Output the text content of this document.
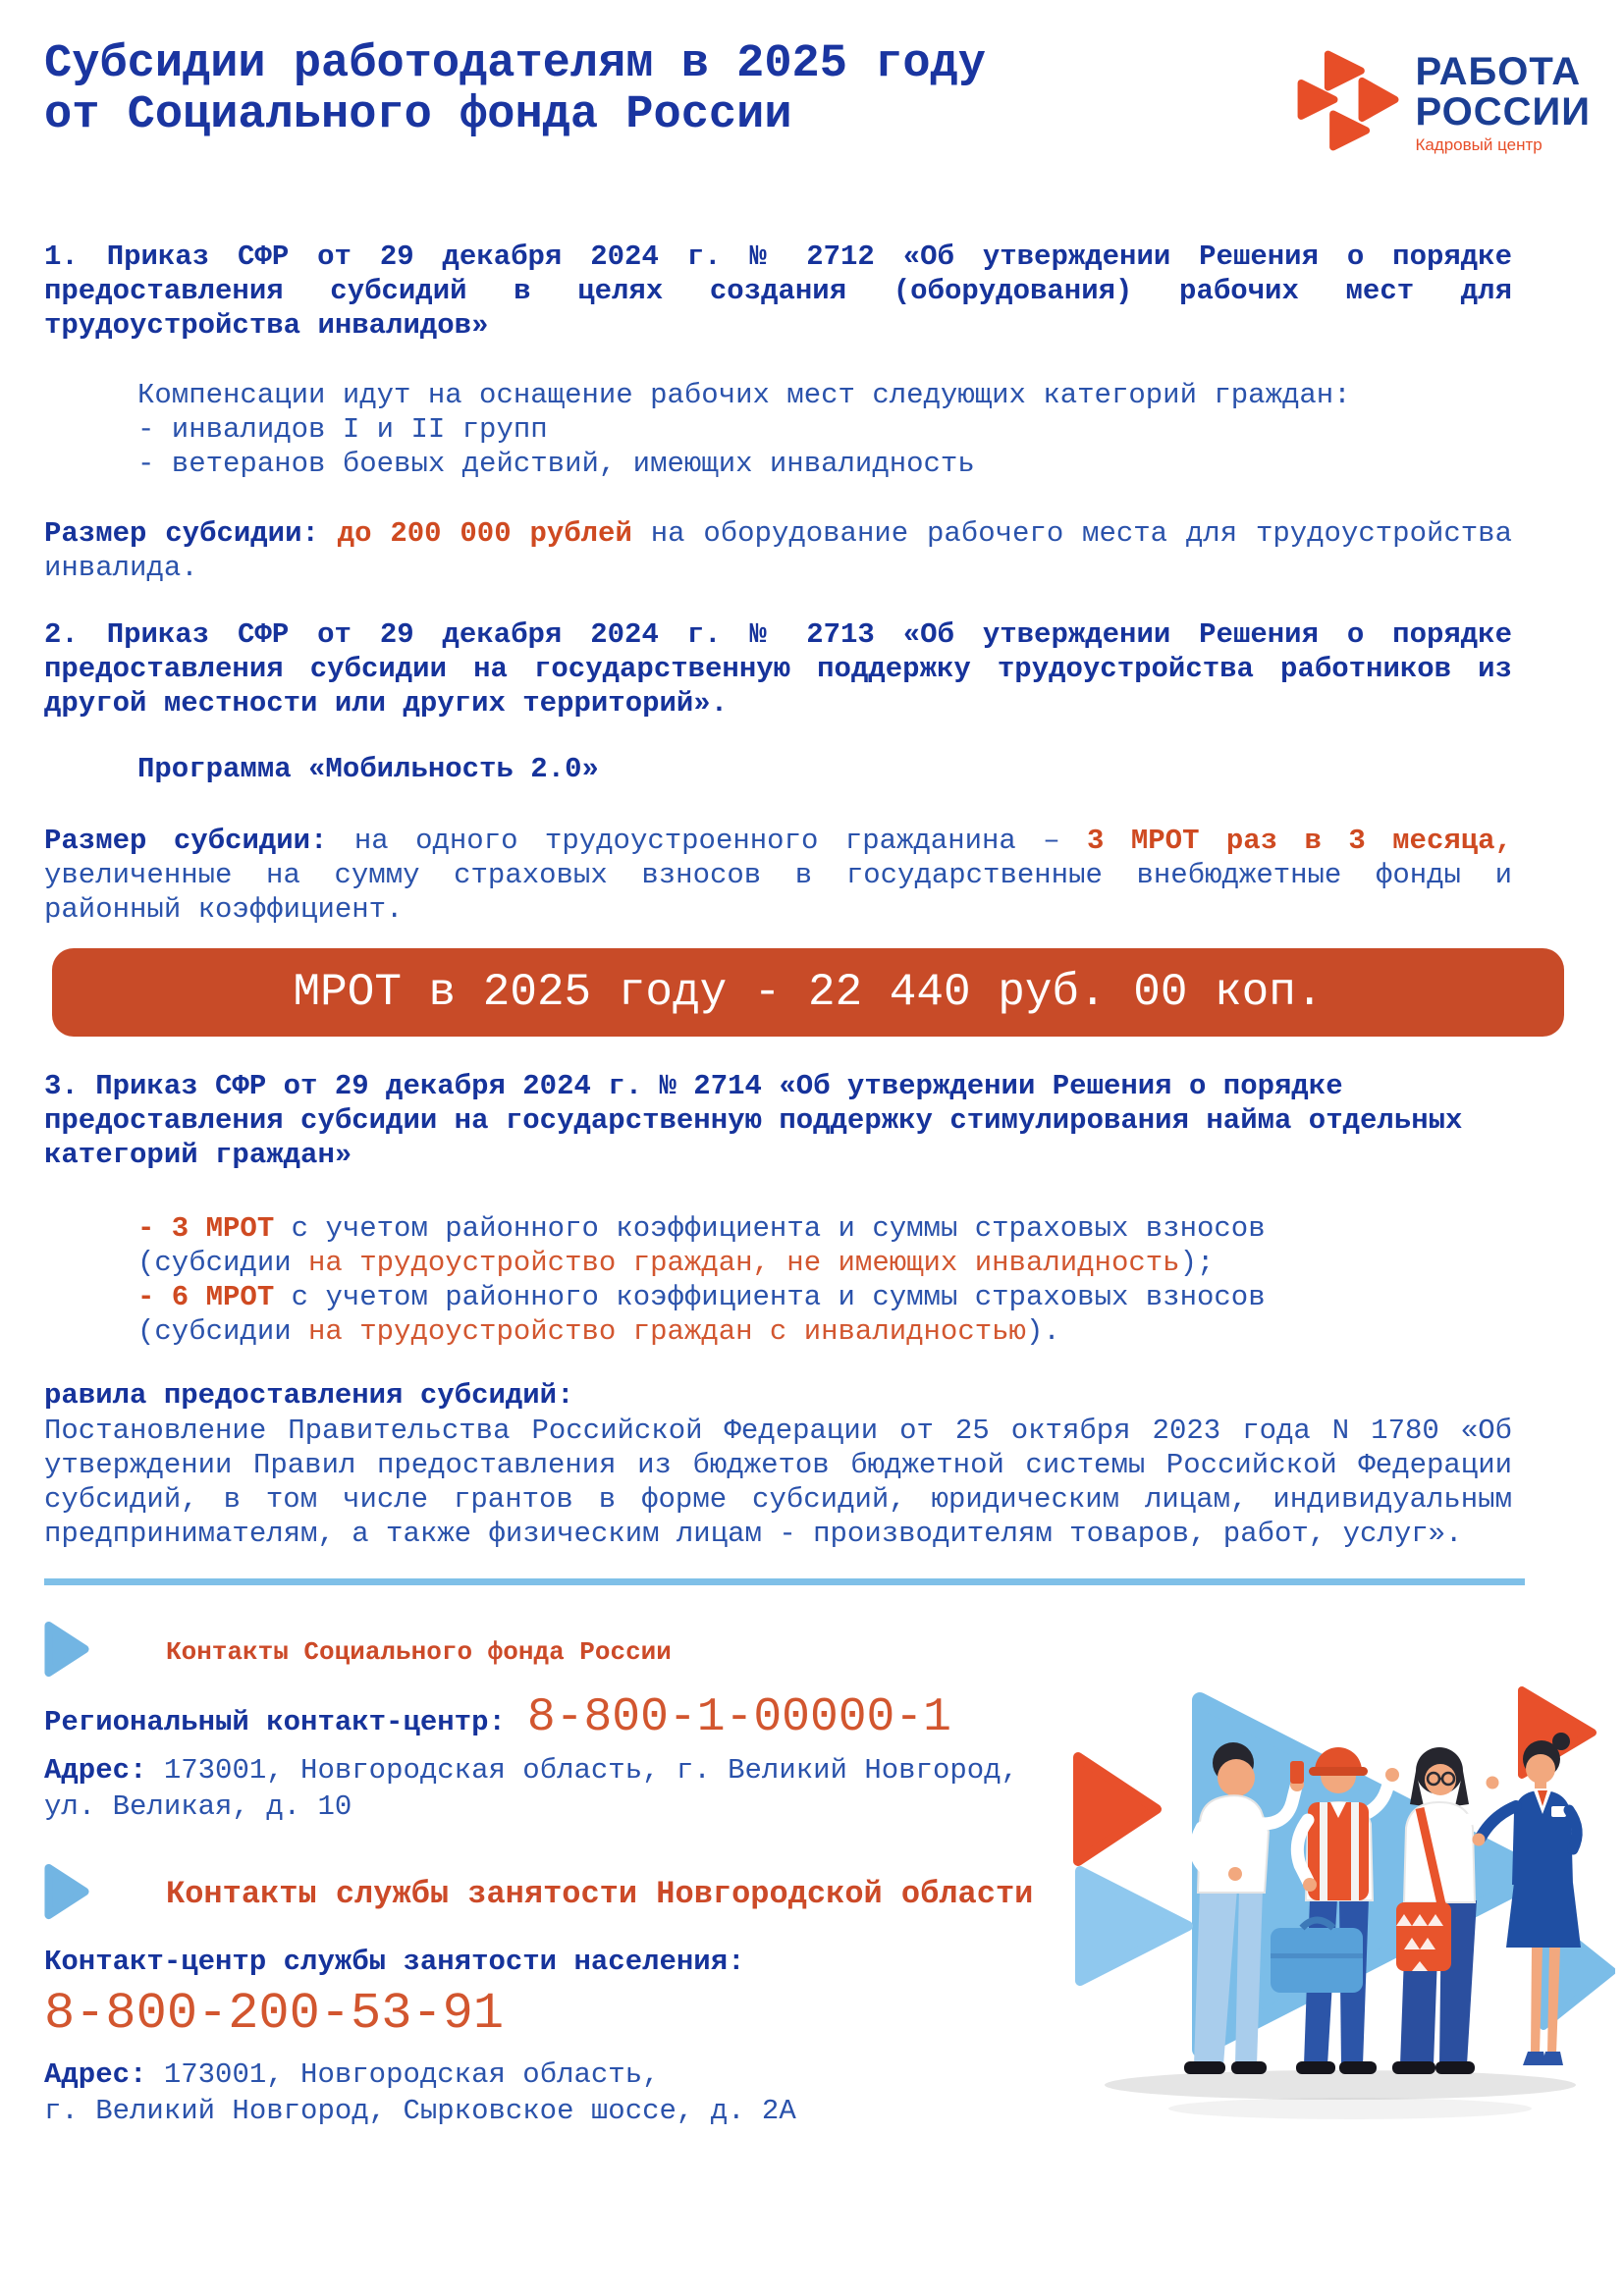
Субсидии работодателям в 2025 году
от Социального фонда России
РАБОТА
РОССИИ
Кадровый центр
1. Приказ СФР от 29 декабря 2024 г. № 2712 «Об утверждении Решения о порядке предоставления субсидий в целях создания (оборудования) рабочих мест для трудоустройства инвалидов»
Компенсации идут на оснащение рабочих мест следующих категорий граждан:
- инвалидов I и II групп
- ветеранов боевых действий, имеющих инвалидность
Размер субсидии: до 200 000 рублей на оборудование рабочего места для трудоустройства инвалида.
2. Приказ СФР от 29 декабря 2024 г. № 2713 «Об утверждении Решения о порядке предоставления субсидии на государственную поддержку трудоустройства работников из другой местности или других территорий».
Программа «Мобильность 2.0»
Размер субсидии: на одного трудоустроенного гражданина – 3 МРОТ раз в 3 месяца, увеличенные на сумму страховых взносов в государственные внебюджетные фонды и районный коэффициент.
МРОТ в 2025 году - 22 440 руб. 00 коп.
3. Приказ СФР от 29 декабря 2024 г. № 2714 «Об утверждении Решения о порядке предоставления субсидии на государственную поддержку стимулирования найма отдельных категорий граждан»
- 3 МРОТ с учетом районного коэффициента и суммы страховых взносов
(субсидии на трудоустройство граждан, не имеющих инвалидность);
- 6 МРОТ с учетом районного коэффициента и суммы страховых взносов
(субсидии на трудоустройство граждан с инвалидностью).
равила предоставления субсидий:
Постановление Правительства Российской Федерации от 25 октября 2023 года N 1780 «Об утверждении Правил предоставления из бюджетов бюджетной системы Российской Федерации субсидий, в том числе грантов в форме субсидий, юридическим лицам, индивидуальным предпринимателям, а также физическим лицам - производителям товаров, работ, услуг».
Контакты Социального фонда России
Региональный контакт-центр: 8-800-1-00000-1
Адрес: 173001, Новгородская область, г. Великий Новгород,
ул. Великая, д. 10
Контакты службы занятости Новгородской области
Контакт-центр службы занятости населения:
8-800-200-53-91
Адрес: 173001, Новгородская область,
г. Великий Новгород, Сырковское шоссе, д. 2А
